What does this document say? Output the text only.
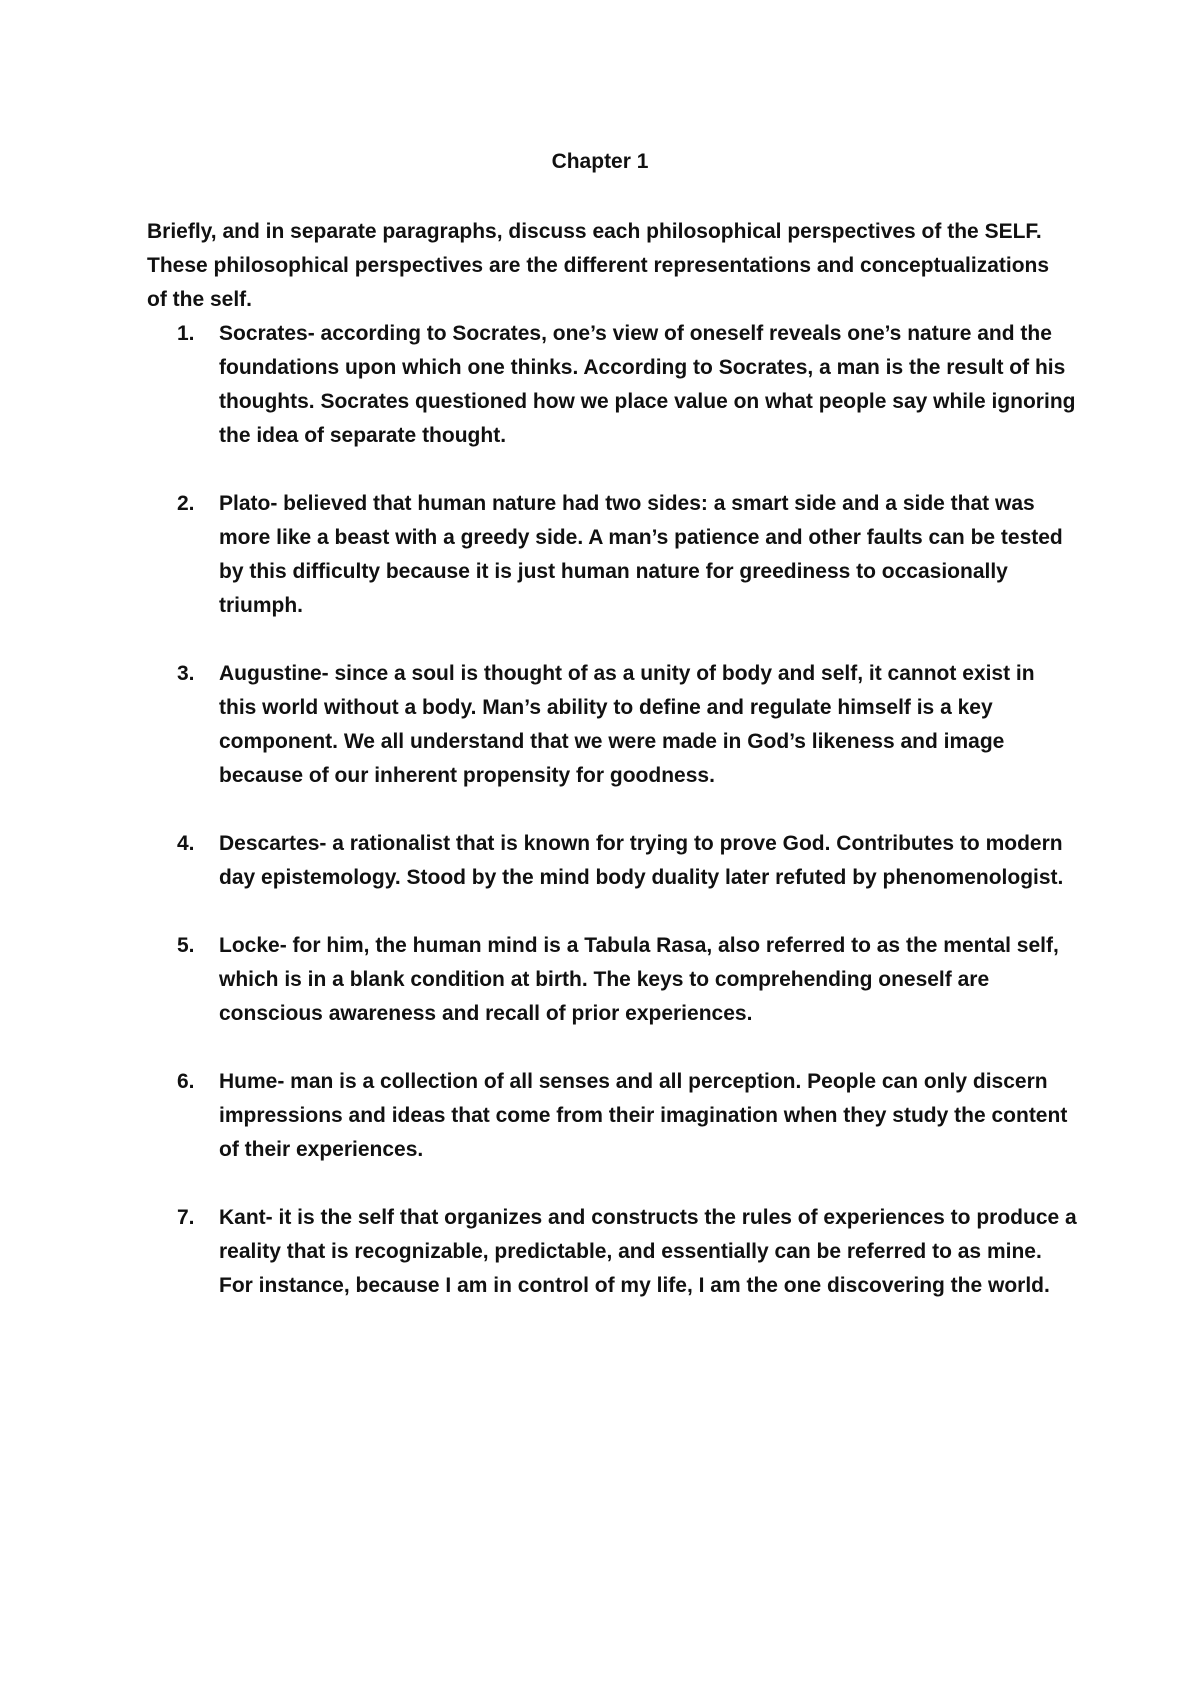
Chapter 1
Briefly, and in separate paragraphs, discuss each philosophical perspectives of the SELF. These philosophical perspectives are the different representations and conceptualizations of the self.
1. Socrates- according to Socrates, one’s view of oneself reveals one’s nature and the foundations upon which one thinks. According to Socrates, a man is the result of his thoughts. Socrates questioned how we place value on what people say while ignoring the idea of separate thought.
2. Plato- believed that human nature had two sides: a smart side and a side that was more like a beast with a greedy side. A man’s patience and other faults can be tested by this difficulty because it is just human nature for greediness to occasionally triumph.
3. Augustine- since a soul is thought of as a unity of body and self, it cannot exist in this world without a body. Man’s ability to define and regulate himself is a key component. We all understand that we were made in God’s likeness and image because of our inherent propensity for goodness.
4. Descartes- a rationalist that is known for trying to prove God. Contributes to modern day epistemology. Stood by the mind body duality later refuted by phenomenologist.
5. Locke- for him, the human mind is a Tabula Rasa, also referred to as the mental self, which is in a blank condition at birth. The keys to comprehending oneself are conscious awareness and recall of prior experiences.
6. Hume- man is a collection of all senses and all perception. People can only discern impressions and ideas that come from their imagination when they study the content of their experiences.
7. Kant- it is the self that organizes and constructs the rules of experiences to produce a reality that is recognizable, predictable, and essentially can be referred to as mine. For instance, because I am in control of my life, I am the one discovering the world.
